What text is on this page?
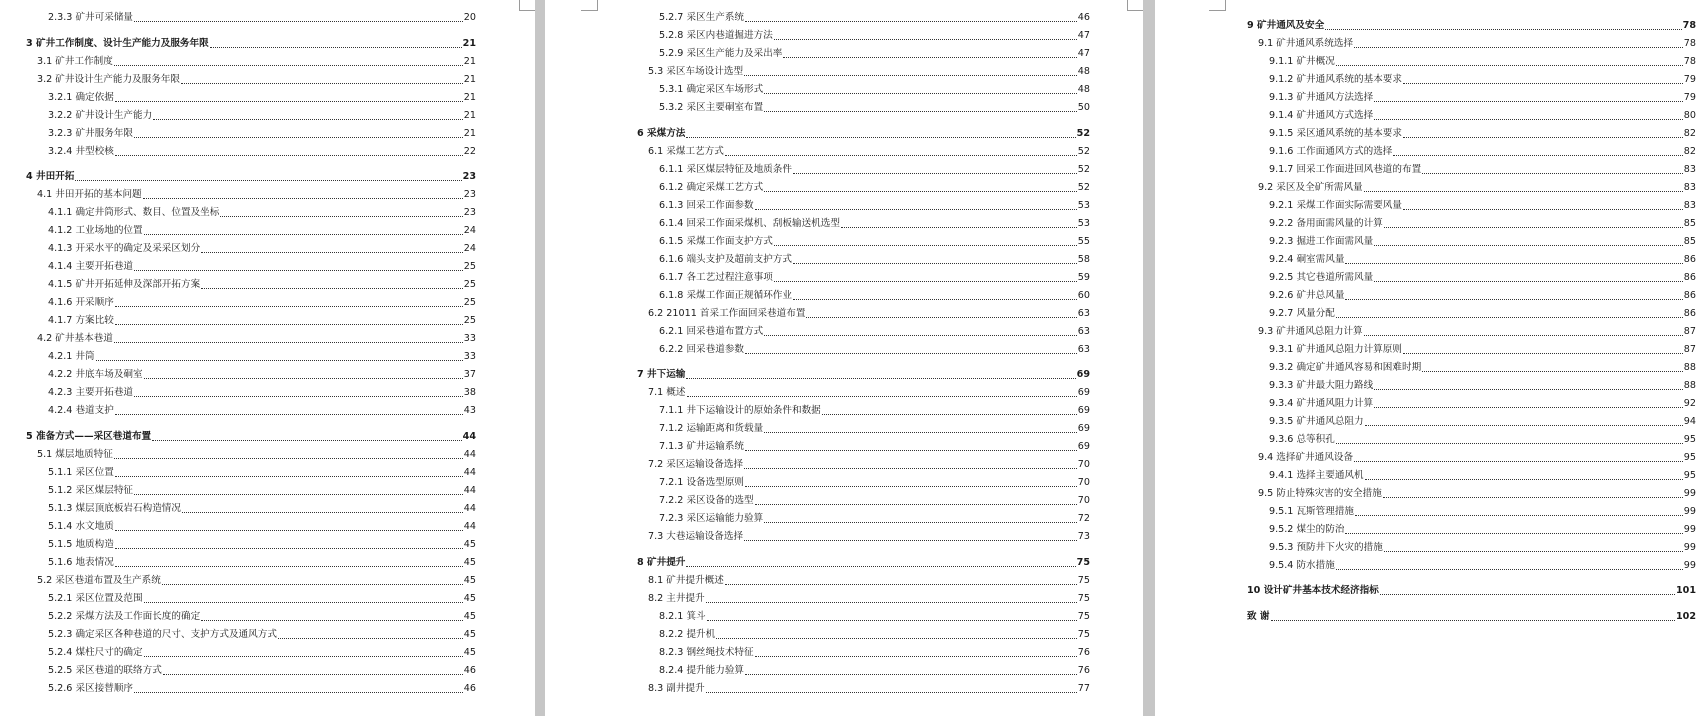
2.3.3 矿井可采储量	20
3 矿井工作制度、设计生产能力及服务年限	21
3.1 矿井工作制度	21
3.2 矿井设计生产能力及服务年限	21
3.2.1 确定依据	21
3.2.2 矿井设计生产能力	21
3.2.3 矿井服务年限	21
3.2.4 井型校核	22
4 井田开拓	23
4.1 井田开拓的基本问题	23
4.1.1 确定井筒形式、数目、位置及坐标	23
4.1.2 工业场地的位置	24
4.1.3 开采水平的确定及采采区划分	24
4.1.4 主要开拓巷道	25
4.1.5 矿井开拓延伸及深部开拓方案	25
4.1.6 开采顺序	25
4.1.7 方案比较	25
4.2 矿井基本巷道	33
4.2.1 井筒	33
4.2.2 井底车场及硐室	37
4.2.3 主要开拓巷道	38
4.2.4 巷道支护	43
5 准备方式——采区巷道布置	44
5.1 煤层地质特征	44
5.1.1 采区位置	44
5.1.2 采区煤层特征	44
5.1.3 煤层顶底板岩石构造情况	44
5.1.4 水文地质	44
5.1.5 地质构造	45
5.1.6 地表情况	45
5.2 采区巷道布置及生产系统	45
5.2.1 采区位置及范围	45
5.2.2 采煤方法及工作面长度的确定	45
5.2.3 确定采区各种巷道的尺寸、支护方式及通风方式	45
5.2.4 煤柱尺寸的确定	45
5.2.5 采区巷道的联络方式	46
5.2.6 采区接替顺序	46
5.2.7 采区生产系统	46
5.2.8 采区内巷道掘进方法	47
5.2.9 采区生产能力及采出率	47
5.3 采区车场设计选型	48
5.3.1 确定采区车场形式	48
5.3.2 采区主要硐室布置	50
6 采煤方法	52
6.1 采煤工艺方式	52
6.1.1 采区煤层特征及地质条件	52
6.1.2 确定采煤工艺方式	52
6.1.3 回采工作面参数	53
6.1.4 回采工作面采煤机、刮板输送机选型	53
6.1.5 采煤工作面支护方式	55
6.1.6 端头支护及超前支护方式	58
6.1.7 各工艺过程注意事项	59
6.1.8 采煤工作面正规循环作业	60
6.2 21011 首采工作面回采巷道布置	63
6.2.1 回采巷道布置方式	63
6.2.2 回采巷道参数	63
7 井下运输	69
7.1 概述	69
7.1.1 井下运输设计的原始条件和数据	69
7.1.2 运输距离和货载量	69
7.1.3 矿井运输系统	69
7.2 采区运输设备选择	70
7.2.1 设备选型原则	70
7.2.2 采区设备的选型	70
7.2.3 采区运输能力验算	72
7.3 大巷运输设备选择	73
8 矿井提升	75
8.1 矿井提升概述	75
8.2 主井提升	75
8.2.1 箕斗	75
8.2.2 提升机	75
8.2.3 钢丝绳技术特征	76
8.2.4 提升能力验算	76
8.3 副井提升	77
9 矿井通风及安全	78
9.1 矿井通风系统选择	78
9.1.1 矿井概况	78
9.1.2 矿井通风系统的基本要求	79
9.1.3 矿井通风方法选择	79
9.1.4 矿井通风方式选择	80
9.1.5 采区通风系统的基本要求	82
9.1.6 工作面通风方式的选择	82
9.1.7 回采工作面进回风巷道的布置	83
9.2 采区及全矿所需风量	83
9.2.1 采煤工作面实际需要风量	83
9.2.2 备用面需风量的计算	85
9.2.3 掘进工作面需风量	85
9.2.4 硐室需风量	86
9.2.5 其它巷道所需风量	86
9.2.6 矿井总风量	86
9.2.7 风量分配	86
9.3 矿井通风总阻力计算	87
9.3.1 矿井通风总阻力计算原则	87
9.3.2 确定矿井通风容易和困难时期	88
9.3.3 矿井最大阻力路线	88
9.3.4 矿井通风阻力计算	92
9.3.5 矿井通风总阻力	94
9.3.6 总等积孔	95
9.4 选择矿井通风设备	95
9.4.1 选择主要通风机	95
9.5 防止特殊灾害的安全措施	99
9.5.1 瓦斯管理措施	99
9.5.2 煤尘的防治	99
9.5.3 预防井下火灾的措施	99
9.5.4 防水措施	99
10 设计矿井基本技术经济指标	101
致 谢	102
